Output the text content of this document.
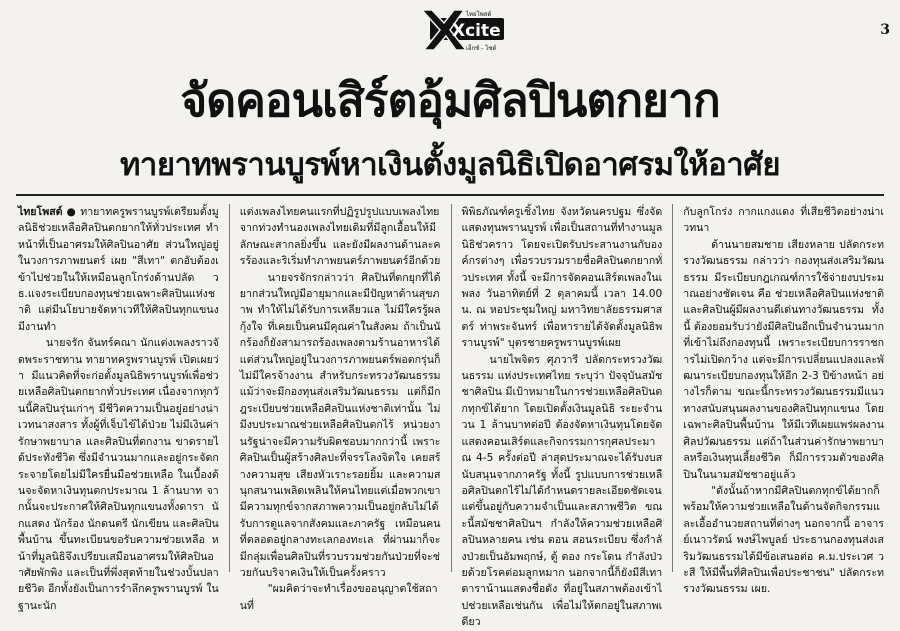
3
Xcite
ไทยโพสต์
เอ็กซ์ - ไซต์
จัดคอนเสิร์ตอุ้มศิลปินตกยาก
ทายาทพรานบูรพ์หาเงินตั้งมูลนิธิเปิดอาศรมให้อาศัย

ไทยโพสต์ ● ทายาทครูพรานบูรพ์เตรียมตั้งมูลนิธิช่วยเหลือศิลปินตกยากให้ทั่วประเทศ ทำหน้าที่เป็นอาศรมให้ศิลปินอาศัย ส่วนใหญ่อยู่ในวงการภาพยนตร์ เผย "สีเทา" ตกอับต้องเข้าไปช่วยในให้เหมือนลูกโกร่งด้านปลัด วธ.แจงระเบียบกองทุนช่วยเฉพาะศิลปินแห่งชาติ แต่มีนโยบายจัดหาเวทีให้ศิลปินทุกแขนงมีงานทำ

นายจรัก จันทร์คณา นักแต่งเพลงราวจัดพระราชทาน ทายาทครูพรานบูรพ์ เปิดเผยว่า มีแนวคิดที่จะก่อตั้งมูลนิธิพรานบูรพ์เพื่อช่วยเหลือศิลปินตกยากทั่วประเทศ เนื่องจากทุกวันนี้ศิลปินรุ่นเก่าๆ มีชีวิตความเป็นอยู่อย่างน่าเวทนาสงสาร ทั้งผู้ที่เจ็บไข้ได้ป่วย ไม่มีเงินค่ารักษาพยาบาล และศิลปินที่ตกงาน ขาดรายได้ประทังชีวิต ซึ่งมีจำนวนมากและอยู่กระจัดกระจายโดยไม่มีใครยื่นมือช่วยเหลือ ในเบื้องต้นจะจัดหาเงินทุนตกประมาณ 1 ล้านบาท จากนั้นจะประกาศให้ศิลปินทุกแขนงทั้งดารา นักแสดง นักร้อง นักดนตรี นักเขียน และศิลปินพื้นบ้าน ขึ้นทะเบียนขอรับความช่วยเหลือ หน้าที่มูลนิธิจึงเปรียบเสมือนอาศรมให้ศิลปินอาศัยพักพิง และเป็นที่พึ่งสุดท้ายในช่วงบั้นปลายชีวิต อีกทั้งยังเป็นการรำลึกครูพรานบูรพ์ ในฐานะนัก

แต่งเพลงไทยคนแรกที่ปฏิรูปรูปแบบเพลงไทย จากท่วงทำนองเพลงไทยเดิมที่มีลูกเอื้อนให้มีลักษณะสากลยิ่งขึ้น และยังมีผลงานด้านละครร้องและริเริ่มทำภาพยนตร์ภาพยนตร์อีกด้วย

นายจรจักรกล่าวว่า ศิลปินที่ตกยุกที่ได้ยากส่วนใหญ่มีอายุมากและมีปัญหาด้านสุขภาพ ทำให้ไม่ได้รับการเหลียวแล ไม่มีใครรู้ผลกุ้งใจ ที่เคยเป็นคนมีคุณค่าในสังคม ถ้าเป็นนักร้องก็ยังสามารถร้องเพลงตามร้านอาหารได้ แต่ส่วนใหญ่อยู่ในวงการภาพยนตร์พอตกรุ่นก็ไม่มีใครจ้างงาน สำหรับกระทรวงวัฒนธรรม แม้ว่าจะมีกองทุนส่งเสริมวัฒนธรรม แต่ก็มีกฎระเบียบช่วยเหลือศิลปินแห่งชาติเท่านั้น ไม่มีงบประมาณช่วยเหลือศิลปินตกไร้ หน่วยงานรัฐน่าจะมีความรับผิดชอบมากกว่านี้ เพราะศิลปินเป็นผู้สร้างศิลปะที่จรรโลงจิตใจ เคยสร้างความสุข เสียงหัวเราะรอยยิ้ม และความสนุกสนานเพลิดเพลินให้คนไทยแต่เมื่อพวกเขามีความทุกข์จากสภาพความเป็นอยู่กลับไม่ได้รับการดูแลจากสังคมและภาครัฐ เหมือนคนที่ตลอดอยู่กลางทะเลกองทะเล ที่ผ่านมาก็จะมีกลุ่มเพื่อนศิลปินที่รวบรวมช่วยกันป่วยที่จะช่วยกันบริจาคเงินให้เป็นครั้งคราว

"ผมคิดว่าจะทำเรื่องขออนุญาตใช้สถานที่

พิพิธภัณฑ์ครูเชิ้งไทย จังหวัดนครปฐม ซึ่งจัดแสดงทุนพรานบูรพ์ เพื่อเป็นสถานที่ทำงานมูลนิธิช่วคราว โดยจะเปิดรับประสานงานกับองค์กรต่างๆ เพื่อรวบรวมรายชื่อศิลปินตกยากทั่วประเทศ ทั้งนี้ จะมีการจัดคอนเสิร์ตเพลงในเพลง วันอาทิตย์ที่ 2 ตุลาคมนี้ เวลา 14.00 น. ณ หอประชุมใหญ่ มหาวิทยาลัยธรรมศาสตร์ ท่าพระจันทร์ เพื่อหารายได้จัดตั้งมูลนิธิพรานบูรพ์" บุตรชายครูพรานบูรพ์เผย

นายไพจิตร ศุภวารี ปลัดกระทรวงวัฒนธรรม แห่งประเทศไทย ระบุว่า ปัจจุบันสมัชชาศิลปิน มีเป้าหมายในการช่วยเหลือศิลปินตกทุกข์ได้ยาก โดยเปิดตั้งเงินมูลนิธิ ระยะจำนวน 1 ล้านบาทต่อปี ต้องจัดหาเงินทุนโดยจัดแสดงคอนเสิร์ตและกิจกรรมการกุศลประมาณ 4-5 ครั้งต่อปี ล่าสุดประมาณจะได้รับงบสนับสนุนจากภาครัฐ ทั้งนี้ รูปแบบการช่วยเหลือศิลปินตกไร้ไม่ได้กำหนดรายละเอียดชัดเจน แต่ขึ้นอยู่กับความจำเป็นและสภาพชีวิต ขณะนี้สมัชชาศิลปินฯ กำลังให้ความช่วยเหลือศิลปินหลายคน เช่น ตอน สอนระเบียบ ซึ่งกำลังป่วยเป็นอัมพฤกษ์, ตู้ ตอง กระโดน กำลังป่วยด้วยโรคต่อมลูกหมาก นอกจากนี้ก็ยังมีสีเทา ดาราน้านแสดงชื่อดัง ที่อยู่ในสภาพต้องเข้าไปช่วยเหลือเช่นกัน เพื่อไม่ให้ตกอยู่ในสภาพเดียว

กับลูกโกร่ง กากแกงแดง ที่เสียชีวิตอย่างน่าเวทนา

ด้านนายสมชาย เสียงหลาย ปลัดกระทรวงวัฒนธรรม กล่าวว่า กองทุนส่งเสริมวัฒนธรรม มีระเบียบกฎเกณฑ์การใช้จ่ายงบประมาณอย่างชัดเจน คือ ช่วยเหลือศิลปินแห่งชาติ และศิลปินผู้มีผลงานดีเด่นทางวัฒนธรรม ทั้งนี้ ต้องยอมรับว่ายังมีศิลปินอีกเป็นจำนวนมากที่เข้าไม่ถึงกองทุนนี้ เพราะระเบียบการราชการไม่เปิดกว้าง แต่จะมีการเปลี่ยนแปลงและพัฒนาระเบียบกองทุนให้อีก 2-3 ปีข้างหน้า อย่างไรก็ตาม ขณะนี้กระทรวงวัฒนธรรมมีแนวทางสนับสนุนผลงานของศิลปินทุกแขนง โดยเฉพาะศิลปินพื้นบ้าน ให้มีเวทีเผยแพร่ผลงานศิลปวัฒนธรรม แต่ถ้าในส่วนค่ารักษาพยาบาลหรือเงินทุนเลี้ยงชีวิต ก็มีการรวมตัวของศิลปินในนามสมัชชาอยู่แล้ว

"ดังนั้นถ้าหากมีศิลปินตกทุกข์ได้ยากก็พร้อมให้ความช่วยเหลือในด้านจัดกิจกรรมและเอื้ออำนวยสถานที่ต่างๆ นอกจากนี้ อาจารย์เนาวรัตน์ พงษ์ไพบูลย์ ประธานกองทุนส่งเสริมวัฒนธรรมได้มีข้อเสนอต่อ ค.ม.ประเวศ วะสี ให้มีพื้นที่ศิลปินเพื่อประชาชน" ปลัดกระทรวงวัฒนธรรม เผย.
